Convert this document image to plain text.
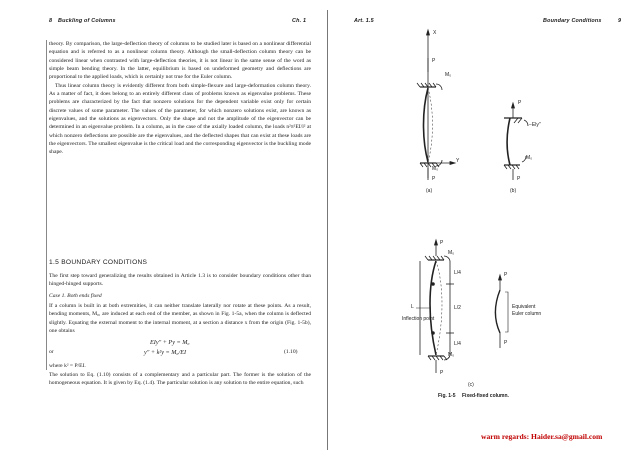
8 Buckling of Columns	Ch. 1

theory. By comparison, the large-deflection theory of columns to be studied later is based on a nonlinear differential equation and is referred to as a nonlinear column theory. Although the small-deflection column theory can be considered linear when contrasted with large-deflection theories, it is not linear in the same sense of the word as simple beam bending theory. In the latter, equilibrium is based on undeformed geometry and deflections are proportional to the applied loads, which is certainly not true for the Euler column.

Thus linear column theory is evidently different from both simple-flexure and large-deformation column theory. As a matter of fact, it does belong to an entirely different class of problems known as eigenvalue problems. These problems are characterized by the fact that nonzero solutions for the dependent variable exist only for certain discrete values of some parameter. The values of the parameter, for which nonzero solutions exist, are known as eigenvalues, and the solutions as eigenvectors. Only the shape and not the amplitude of the eigenvector can be determined in an eigenvalue problem. In a column, as in the case of the axially loaded column, the loads n²π²EI/l² at which nonzero deflections are possible are the eigenvalues, and the deflected shapes that can exist at these loads are the eigenvectors. The smallest eigenvalue is the critical load and the corresponding eigenvector is the buckling mode shape.

1.5 BOUNDARY CONDITIONS
The first step toward generalizing the results obtained in Article 1.3 is to consider boundary conditions other than hinged-hinged supports.
Case 1. Both ends fixed
If a column is built in at both extremities, it can neither translate laterally nor rotate at these points. As a result, bending moments, M₀, are induced at each end of the member, as shown in Fig. 1-5a, when the column is deflected slightly. Equating the external moment to the internal moment, at a section a distance x from the origin (Fig. 1-5b), one obtains
EIy″ + Py = M₀
or	y″ + k²y = M₀/EI	(1.10)
where k² = P/EI.
The solution to Eq. (1.10) consists of a complementary and a particular part. The former is the solution of the homogeneous equation. It is given by Eq. (1.4). The particular solution is any solution to the entire equation, such
Art. 1.5	Boundary Conditions	9
X
P
M₀
Y
M₀
P
(a)
P
−Ely″
M₀
P
(b)
P
M₀
L
L/4
L/2
L/4
Inflection point
P
Equivalent
Euler column
P
M₀
P
(c)
Fig. 1-5 Fixed-fixed column.
warm regards: Haider.sa@gmail.com
